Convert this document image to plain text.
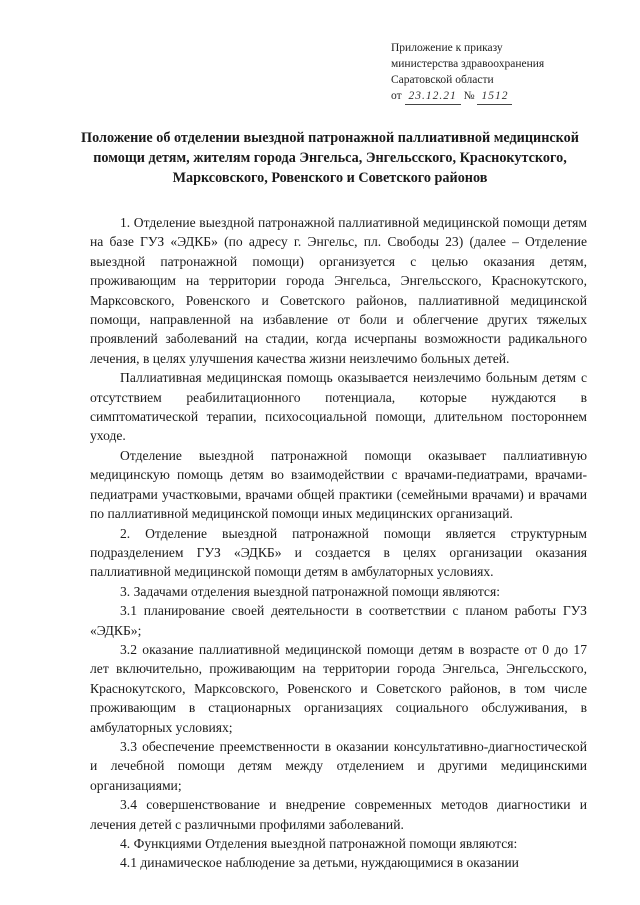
Приложение к приказу
министерства здравоохранения
Саратовской области
от 23.12.21 № 1512
Положение об отделении выездной патронажной паллиативной медицинской помощи детям, жителям города Энгельса, Энгельсского, Краснокутского, Марксовского, Ровенского и Советского районов

1. Отделение выездной патронажной паллиативной медицинской помощи детям на базе ГУЗ «ЭДКБ» (по адресу г. Энгельс, пл. Свободы 23) (далее – Отделение выездной патронажной помощи) организуется с целью оказания детям, проживающим на территории города Энгельса, Энгельсского, Краснокутского, Марксовского, Ровенского и Советского районов, паллиативной медицинской помощи, направленной на избавление от боли и облегчение других тяжелых проявлений заболеваний на стадии, когда исчерпаны возможности радикального лечения, в целях улучшения качества жизни неизлечимо больных детей.

Паллиативная медицинская помощь оказывается неизлечимо больным детям с отсутствием реабилитационного потенциала, которые нуждаются в симптоматической терапии, психосоциальной помощи, длительном постороннем уходе.

Отделение выездной патронажной помощи оказывает паллиативную медицинскую помощь детям во взаимодействии с врачами-педиатрами, врачами-педиатрами участковыми, врачами общей практики (семейными врачами) и врачами по паллиативной медицинской помощи иных медицинских организаций.

2. Отделение выездной патронажной помощи является структурным подразделением ГУЗ «ЭДКБ» и создается в целях организации оказания паллиативной медицинской помощи детям в амбулаторных условиях.

3. Задачами отделения выездной патронажной помощи являются:

3.1 планирование своей деятельности в соответствии с планом работы ГУЗ «ЭДКБ»;

3.2 оказание паллиативной медицинской помощи детям в возрасте от 0 до 17 лет включительно, проживающим на территории города Энгельса, Энгельсского, Краснокутского, Марксовского, Ровенского и Советского районов, в том числе проживающим в стационарных организациях социального обслуживания, в амбулаторных условиях;

3.3 обеспечение преемственности в оказании консультативно-диагностической и лечебной помощи детям между отделением и другими медицинскими организациями;

3.4 совершенствование и внедрение современных методов диагностики и лечения детей с различными профилями заболеваний.

4. Функциями Отделения выездной патронажной помощи являются:

4.1 динамическое наблюдение за детьми, нуждающимися в оказании
